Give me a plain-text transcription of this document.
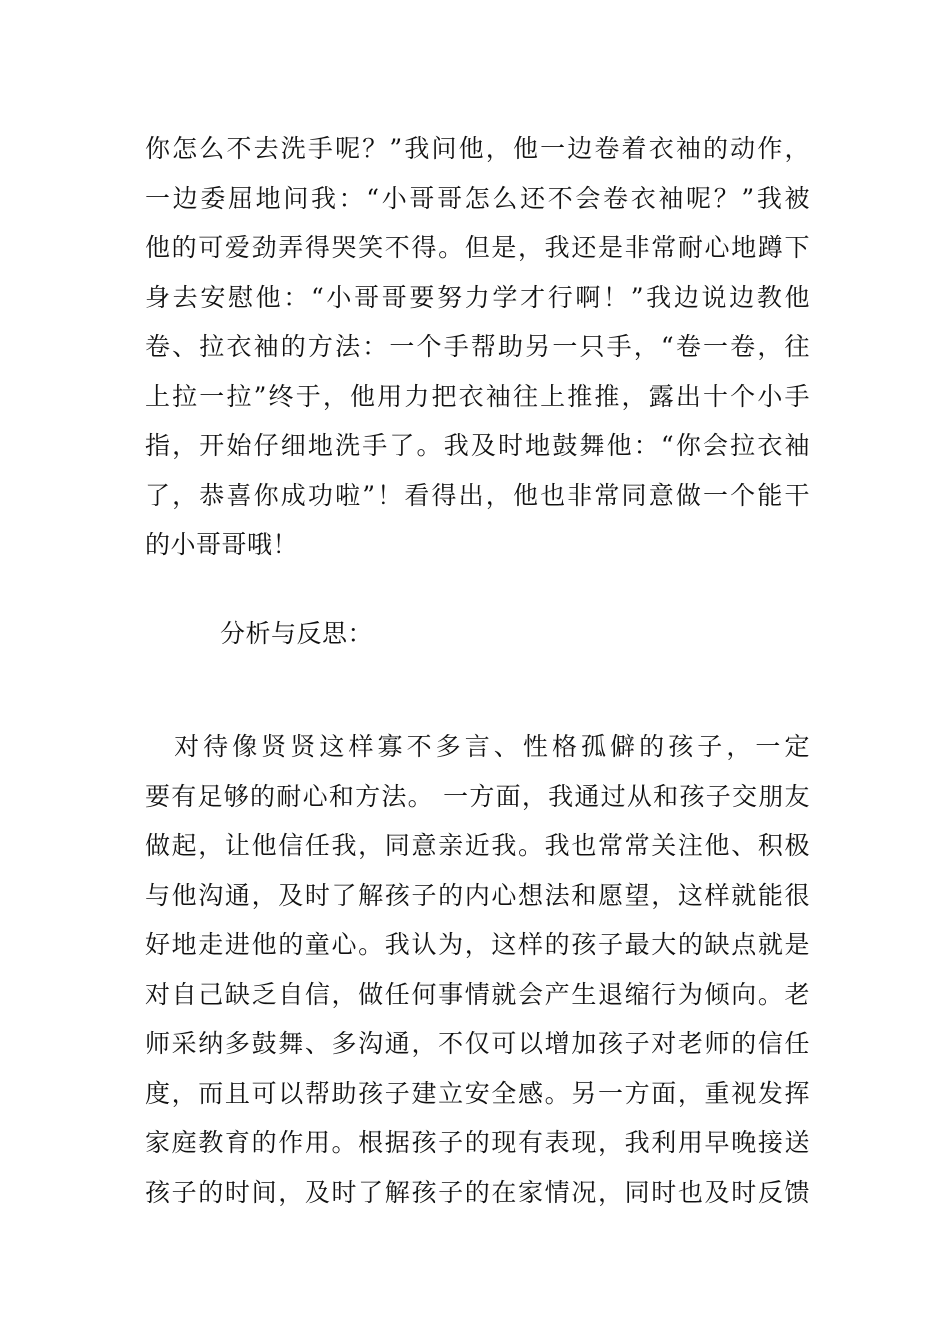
你怎么不去洗手呢？”我问他，他一边卷着衣袖的动作，
一边委屈地问我：“小哥哥怎么还不会卷衣袖呢？”我被
他的可爱劲弄得哭笑不得。但是，我还是非常耐心地蹲下
身去安慰他：“小哥哥要努力学才行啊！”我边说边教他
卷、拉衣袖的方法：一个手帮助另一只手，“卷一卷，往
上拉一拉”终于，他用力把衣袖往上推推，露出十个小手
指，开始仔细地洗手了。我及时地鼓舞他：“你会拉衣袖
了，恭喜你成功啦”！看得出，他也非常同意做一个能干
的小哥哥哦！
分析与反思：
　对待像贤贤这样寡不多言、性格孤僻的孩子，一定
要有足够的耐心和方法。 一方面，我通过从和孩子交朋友
做起，让他信任我，同意亲近我。我也常常关注他、积极
与他沟通，及时了解孩子的内心想法和愿望，这样就能很
好地走进他的童心。我认为，这样的孩子最大的缺点就是
对自己缺乏自信，做任何事情就会产生退缩行为倾向。老
师采纳多鼓舞、多沟通，不仅可以增加孩子对老师的信任
度，而且可以帮助孩子建立安全感。另一方面，重视发挥
家庭教育的作用。根据孩子的现有表现，我利用早晚接送
孩子的时间，及时了解孩子的在家情况，同时也及时反馈
